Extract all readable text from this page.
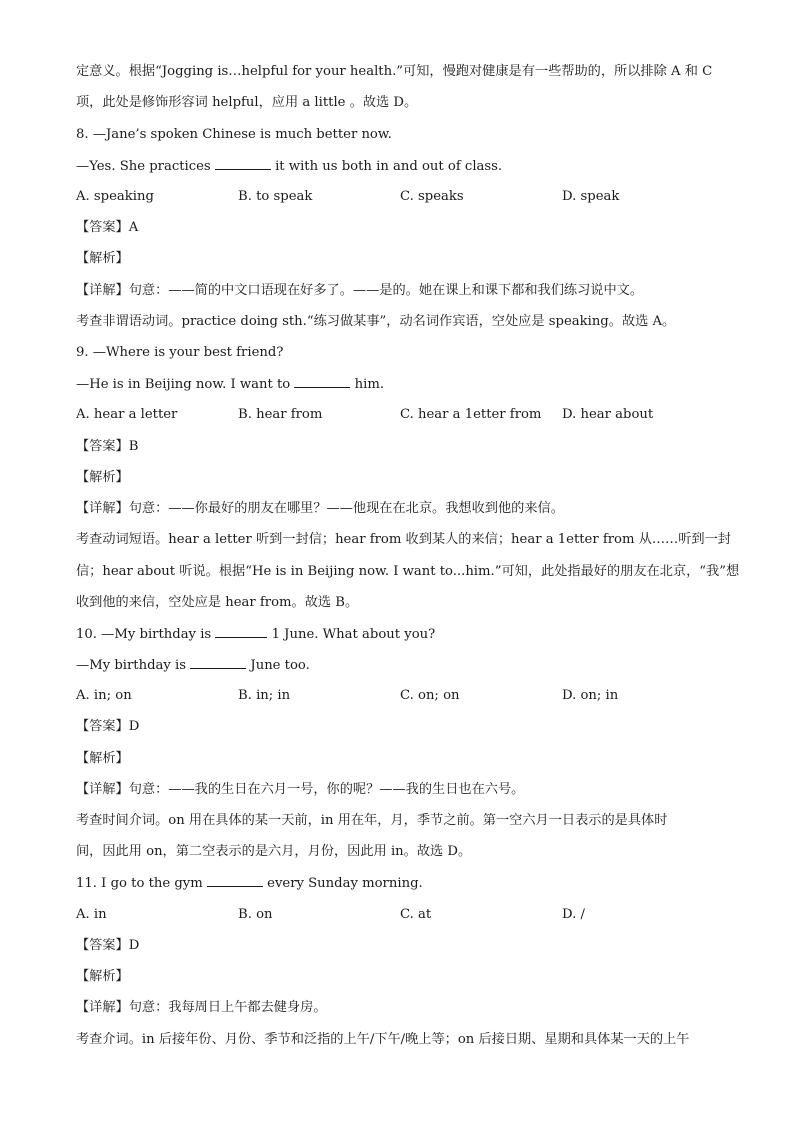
定意义。根据“Jogging is…helpful for your health.”可知，慢跑对健康是有一些帮助的，所以排除 A 和 C
项，此处是修饰形容词 helpful，应用 a little 。故选 D。
8. —Jane’s spoken Chinese is much better now.
—Yes. She practices	it with us both in and out of class.
A. speaking	B. to speak	C. speaks	D. speak
【答案】A
【解析】
【详解】句意：——简的中文口语现在好多了。——是的。她在课上和课下都和我们练习说中文。
考查非谓语动词。practice doing sth.“练习做某事”，动名词作宾语，空处应是 speaking。故选 A。
9. —Where is your best friend?
—He is in Beijing now. I want to	him.
A. hear a letter	B. hear from	C. hear a 1etter from D. hear about
【答案】B
【解析】
【详解】句意：——你最好的朋友在哪里？——他现在在北京。我想收到他的来信。
考查动词短语。hear a letter 听到一封信；hear from 收到某人的来信；hear a 1etter from 从……听到一封
信；hear about 听说。根据“He is in Beijing now. I want to...him.”可知，此处指最好的朋友在北京，“我”想
收到他的来信，空处应是 hear from。故选 B。
10. —My birthday is	1 June. What about you?
—My birthday is	June too.
A. in; on	B. in; in	C. on; on	D. on; in
【答案】D
【解析】
【详解】句意：——我的生日在六月一号，你的呢？——我的生日也在六号。
考查时间介词。on 用在具体的某一天前，in 用在年，月，季节之前。第一空六月一日表示的是具体时
间，因此用 on，第二空表示的是六月，月份，因此用 in。故选 D。
11. I go to the gym	every Sunday morning.
A. in	B. on	C. at	D. /
【答案】D
【解析】
【详解】句意：我每周日上午都去健身房。
考查介词。in 后接年份、月份、季节和泛指的上午/下午/晚上等；on 后接日期、星期和具体某一天的上午
